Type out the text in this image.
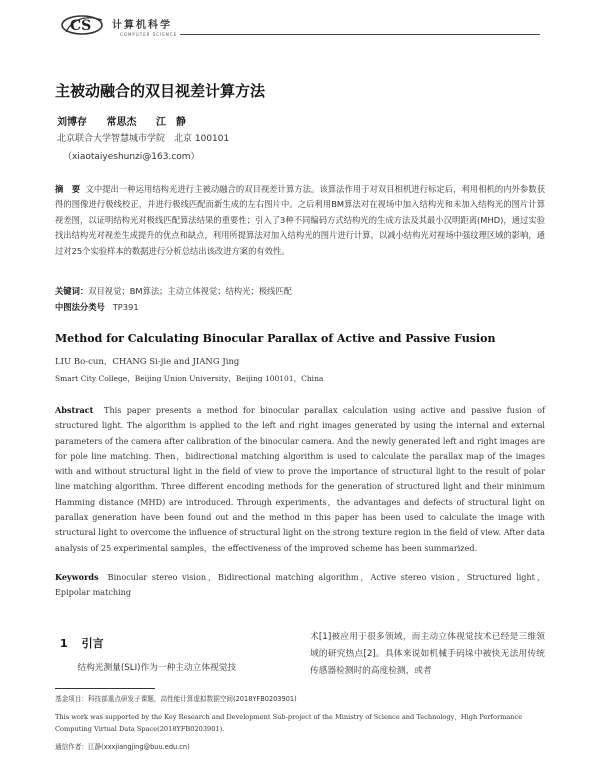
CS 计算机科学
COMPUTER SCIENCE
主被动融合的双目视差计算方法
刘博存 常思杰 江　静
北京联合大学智慧城市学院　北京 100101
（xiaotaiyeshunzi@163.com）
摘　要 文中提出一种运用结构光进行主被动融合的双目视差计算方法。该算法作用于对双目相机进行标定后，利用相机的内外参数获得的图像进行极线校正，并进行极线匹配而新生成的左右图片中。之后利用BM算法对在视场中加入结构光和未加入结构光的图片计算视差图，以证明结构光对极线匹配算法结果的重要性；引入了3种不同编码方式结构光的生成方法及其最小汉明距离(MHD)，通过实验找出结构光对视差生成提升的优点和缺点，利用所提算法对加入结构光的图片进行计算，以减小结构光对视场中强纹理区域的影响，通过对25个实验样本的数据进行分析总结出该改进方案的有效性。
关键词：双目视觉；BM算法；主动立体视觉；结构光；极线匹配
中图法分类号 TP391
Method for Calculating Binocular Parallax of Active and Passive Fusion
LIU Bo-cun，CHANG Si-jie and JIANG Jing
Smart City College，Beijing Union University，Beijing 100101，China
Abstract This paper presents a method for binocular parallax calculation using active and passive fusion of structured light. The algorithm is applied to the left and right images generated by using the internal and external parameters of the camera after calibration of the binocular camera. And the newly generated left and right images are for pole line matching. Then，bidirectional matching algorithm is used to calculate the parallax map of the images with and without structural light in the field of view to prove the importance of structural light to the result of polar line matching algorithm. Three different encoding methods for the generation of structured light and their minimum Hamming distance (MHD) are introduced. Through experiments，the advantages and defects of structural light on parallax generation have been found out and the method in this paper has been used to calculate the image with structural light to overcome the influence of structural light on the strong texture region in the field of view. After data analysis of 25 experimental samples，the effectiveness of the improved scheme has been summarized.
Keywords Binocular stereo vision，Bidirectional matching algorithm，Active stereo vision，Structured light，Epipolar matching
1 引言
结构光测量(SLI)作为一种主动立体视觉技
术[1]被应用于很多领域，而主动立体视觉技术已经是三维领域的研究热点[2]。具体来说如机械手码垛中被快无法用传统传感器检测时的高度检测，或者
基金项目：科技部重点研发子课题，高性能计算虚拟数据空间(2018YFB0203901)
This work was supported by the Key Research and Development Sub-project of the Ministry of Science and Technology，High Performance Computing Virtual Data Space(2018YFB0203901).
通信作者：江静(xxxjiangjing@buu.edu.cn)
